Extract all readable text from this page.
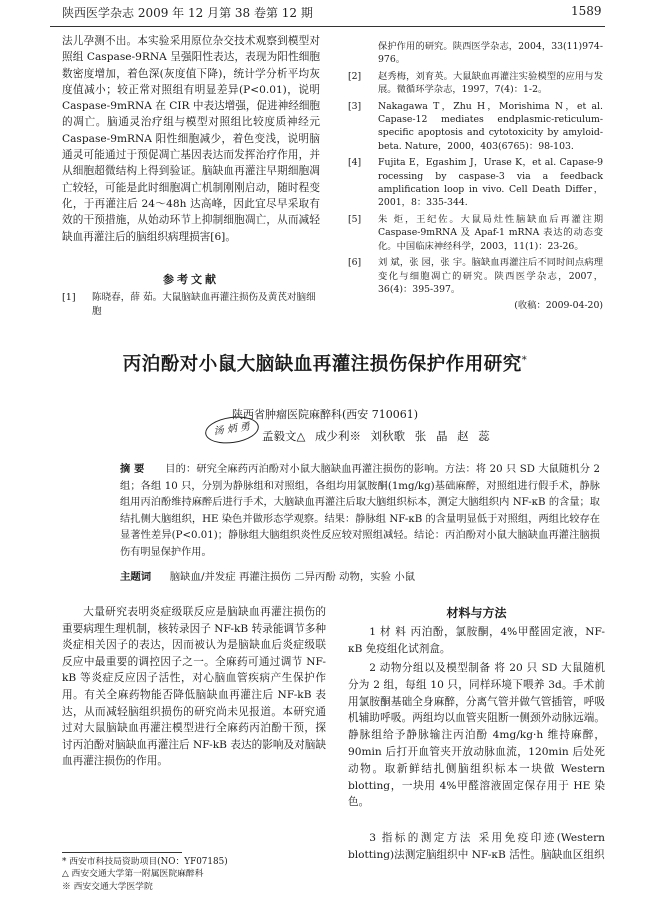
陕西医学杂志 2009 年 12 月第 38 卷第 12 期	1589
法儿孕测不出。本实验采用原位杂交技术观察到模型对照组 Caspase-9RNA 呈强阳性表达，表现为阳性细胞数密度增加，着色深(灰度值下降)，统计学分析平均灰度值减小；较正常对照组有明显差异(P<0.01)，说明 Caspase-9mRNA 在 CIR 中表达增强，促进神经细胞的凋亡。脑通灵治疗组与模型对照组比较度质神经元 Caspase-9mRNA 阳性细胞减少，着色变浅，说明脑通灵可能通过于预促凋亡基因表达而发挥治疗作用，并从细胞超微结构上得到验证。脑缺血再灌注早期细胞凋亡较轻，可能是此时细胞凋亡机制刚刚启动，随时程变化，于再灌注后 24～48h 达高峰，因此宜尽早采取有效的干预措施，从始动环节上抑制细胞凋亡，从而减轻缺血再灌注后的脑组织病理损害[6]。
参考文献
[1] 陈晓春，薛 茹。大鼠脑缺血再灌注损伤及黄芪对脑细胞
保护作用的研究。陕西医学杂志，2004，33(11)974-976。
[2] 赵秀梅，刘育英。大鼠缺血再灌注实验模型的应用与发展。微循环学杂志，1997，7(4)：1-2。
[3] Nakagawa T，Zhu H，Morishima N，et al. Capase-12 mediates endplasmic-reticulum-specific apoptosis and cytotoxicity by amyloid-beta. Nature，2000，403(6765)：98-103.
[4] Fujita E，Egashim J，Urase K，et al. Capase-9 rocessing by caspase-3 via a feedback amplification loop in vivo. Cell Death Differ，2001，8：335-344.
[5] 朱 炬，王纪佐。大鼠局灶性脑缺血后再灌注期 Caspase-9mRNA 及 Apaf-1 mRNA 表达的动态变化。中国临床神经科学，2003，11(1)：23-26。
[6] 刘 斌，张 园，张 宇。脑缺血再灌注后不同时间点病理变化与细胞凋亡的研究。陕西医学杂志，2007，36(4)：395-397。
(收稿：2009-04-20)
丙泊酚对小鼠大脑缺血再灌注损伤保护作用研究*
陕西省肿瘤医院麻醉科(西安 710061)
汤 炳 勇 孟毅文△ 成少利※ 刘秋歌 张 晶 赵 蕊
摘 要 目的：研究全麻药丙泊酚对小鼠大脑缺血再灌注损伤的影响。方法：将 20 只 SD 大鼠随机分 2 组；各组 10 只，分别为静脉组和对照组，各组均用氯胺酮(1mg/kg)基础麻醉，对照组进行假手术，静脉组用丙泊酚维持麻醉后进行手术，大脑缺血再灌注后取大脑组织标本，测定大脑组织内 NF-κB 的含量；取结扎侧大脑组织，HE 染色并做形态学观察。结果：静脉组 NF-κB 的含量明显低于对照组，两组比较存在显著性差异(P<0.01)；静脉组大脑组织炎性反应较对照组减轻。结论：丙泊酚对小鼠大脑缺血再灌注脑损伤有明显保护作用。
主题词 脑缺血/并发症 再灌注损伤 二异丙酚 动物，实验 小鼠
大量研究表明炎症级联反应是脑缺血再灌注损伤的重要病理生理机制，核转录因子 NF-kB 转录能调节多种炎症相关因子的表达，因而被认为是脑缺血后炎症级联反应中最重要的调控因子之一。全麻药可通过调节 NF-kB 等炎症反应因子活性，对心脑血管疾病产生保护作用。有关全麻药物能否降低脑缺血再灌注后 NF-kB 表达，从而减轻脑组织损伤的研究尚未见报道。本研究通过对大鼠脑缺血再灌注模型进行全麻药丙泊酚干预，探讨丙泊酚对脑缺血再灌注后 NF-kB 表达的影响及对脑缺血再灌注损伤的作用。
材料与方法
1 材 料 丙泊酚，氯胺酮，4%甲醛固定液，NF-κB 免疫组化试剂盒。
2 动物分组以及模型制备 将 20 只 SD 大鼠随机分为 2 组，每组 10 只，同样环境下喂养 3d。手术前用氯胺酮基础全身麻醉，分离气管并做气管插管，呼吸机辅助呼吸。两组均以血管夹阻断一侧颈外动脉远端。静脉组给予静脉输注丙泊酚 4mg/kg·h 维持麻醉，90min 后打开血管夹开放动脉血流，120min 后处死动物。取新鲜结扎侧脑组织标本一块做 Western blotting，一块用 4%甲醛溶液固定保存用于 HE 染色。
3 指标的测定方法 采用免疫印迹(Western blotting)法测定脑组织中 NF-κB 活性。脑缺血区组织
* 西安市科技局资助项目(NO：YF07185)
△ 西安交通大学第一附属医院麻醉科
※ 西安交通大学医学院
